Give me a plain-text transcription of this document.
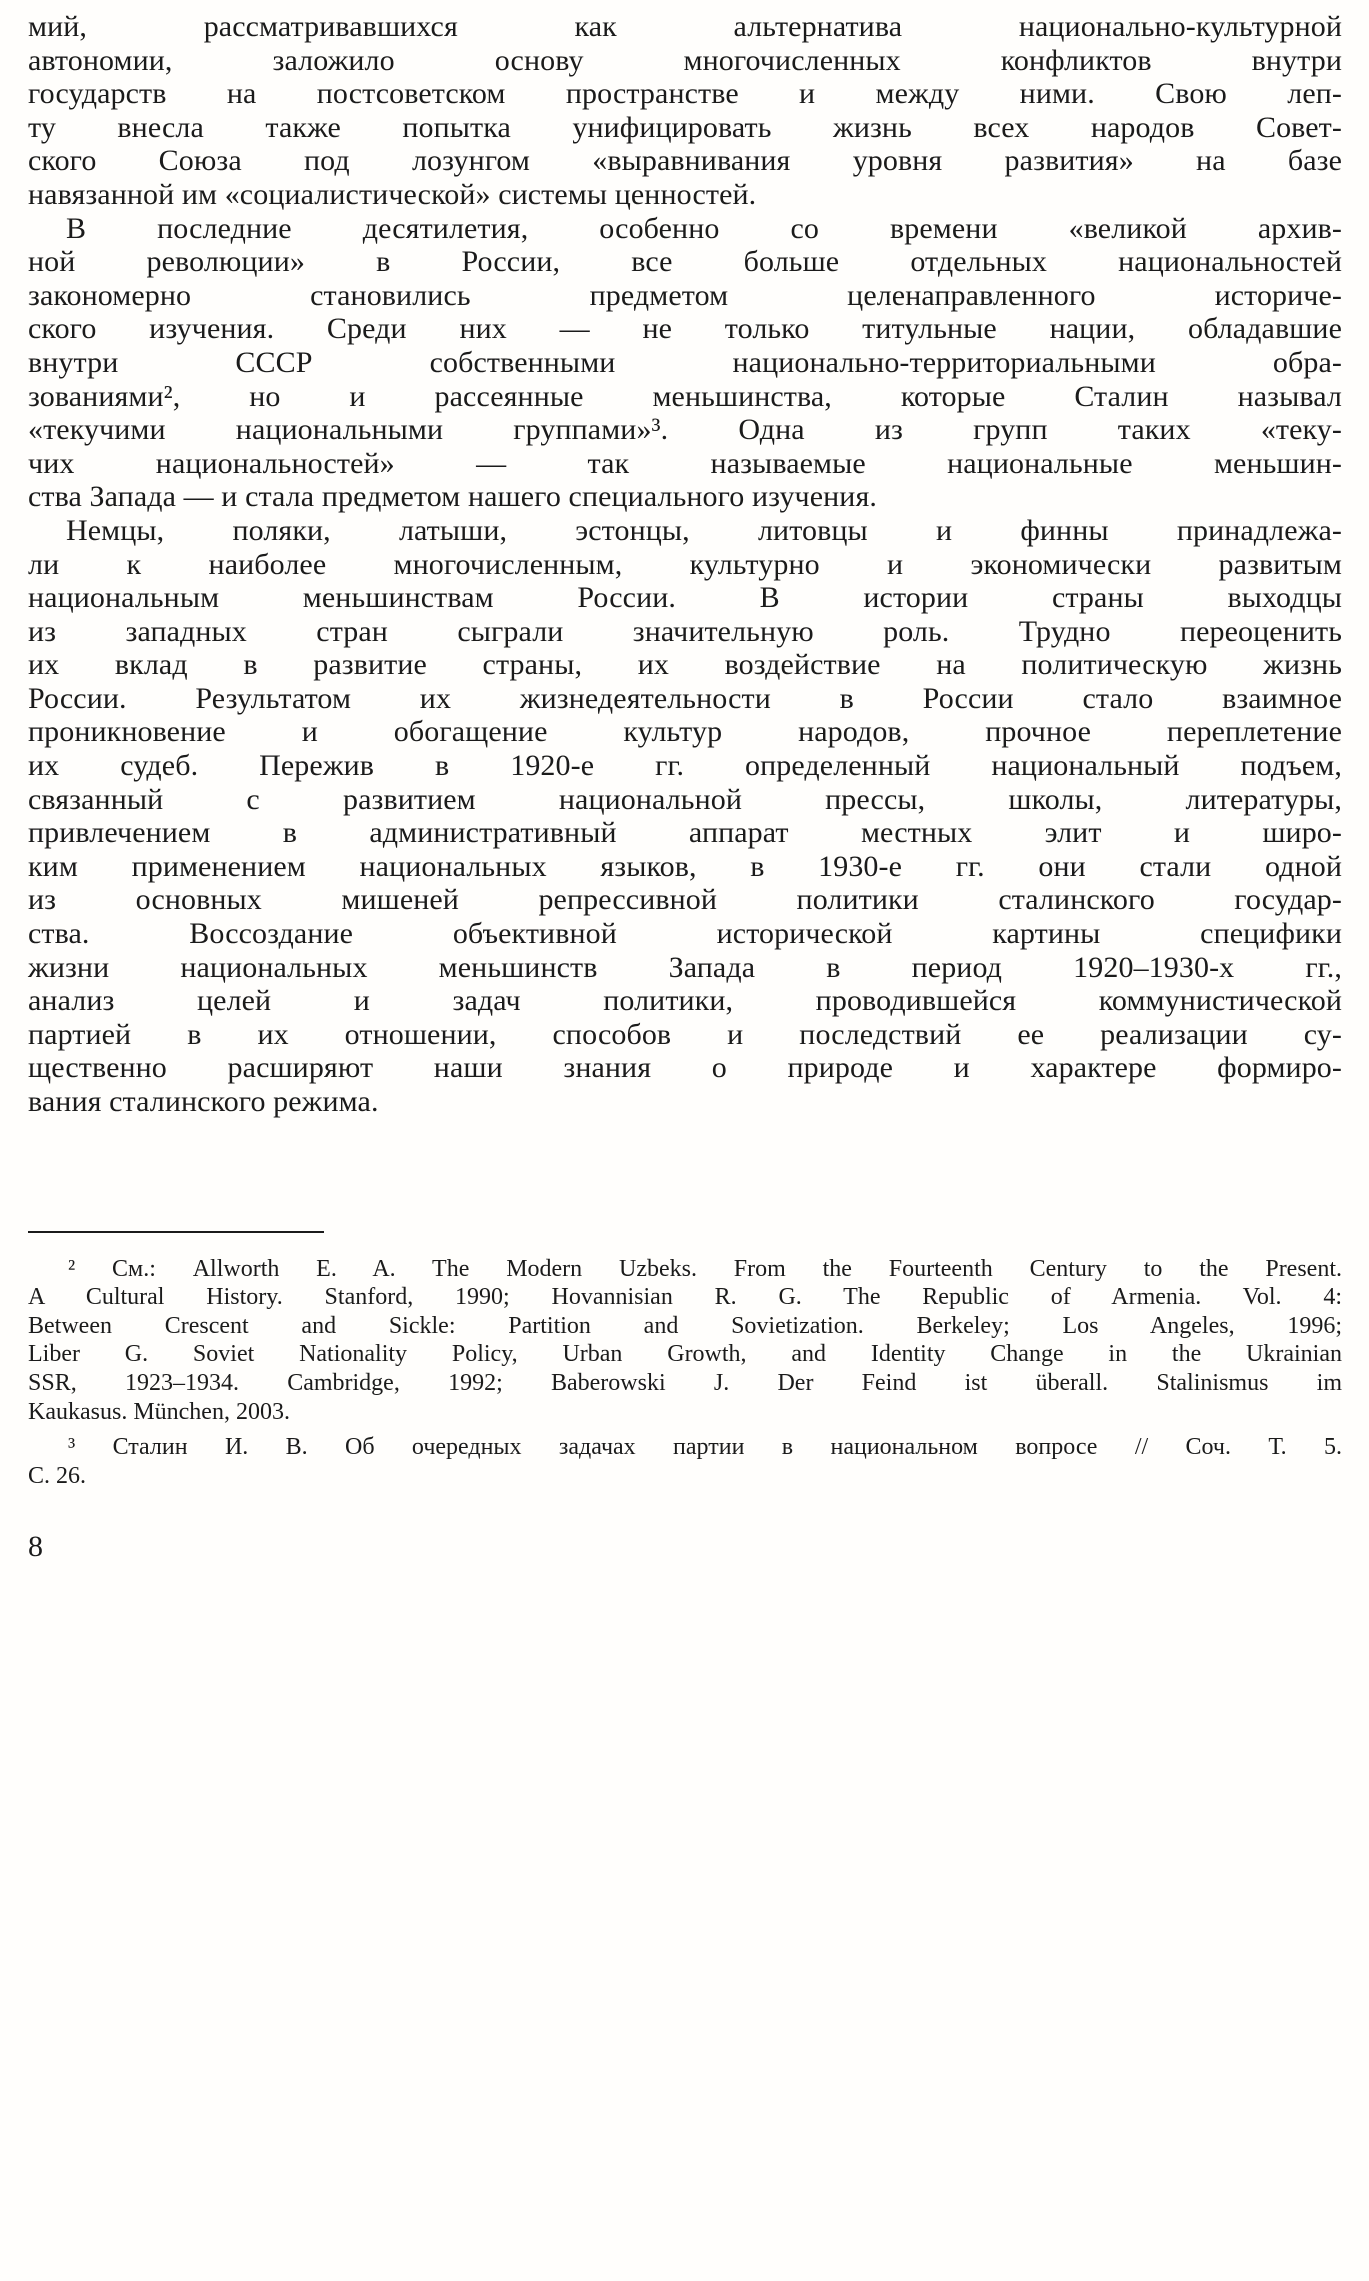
мий, рассматривавшихся как альтернатива национально-культурной
автономии, заложило основу многочисленных конфликтов внутри
государств на постсоветском пространстве и между ними. Свою леп-
ту внесла также попытка унифицировать жизнь всех народов Совет-
ского Союза под лозунгом «выравнивания уровня развития» на базе
навязанной им «социалистической» системы ценностей.
В последние десятилетия, особенно со времени «великой архив-
ной революции» в России, все больше отдельных национальностей
закономерно становились предметом целенаправленного историче-
ского изучения. Среди них — не только титульные нации, обладавшие
внутри СССР собственными национально-территориальными обра-
зованиями², но и рассеянные меньшинства, которые Сталин называл
«текучими национальными группами»³. Одна из групп таких «теку-
чих национальностей» — так называемые национальные меньшин-
ства Запада — и стала предметом нашего специального изучения.
Немцы, поляки, латыши, эстонцы, литовцы и финны принадлежа-
ли к наиболее многочисленным, культурно и экономически развитым
национальным меньшинствам России. В истории страны выходцы
из западных стран сыграли значительную роль. Трудно переоценить
их вклад в развитие страны, их воздействие на политическую жизнь
России. Результатом их жизнедеятельности в России стало взаимное
проникновение и обогащение культур народов, прочное переплетение
их судеб. Пережив в 1920-е гг. определенный национальный подъем,
связанный с развитием национальной прессы, школы, литературы,
привлечением в административный аппарат местных элит и широ-
ким применением национальных языков, в 1930-е гг. они стали одной
из основных мишеней репрессивной политики сталинского государ-
ства. Воссоздание объективной исторической картины специфики
жизни национальных меньшинств Запада в период 1920–1930-х гг.,
анализ целей и задач политики, проводившейся коммунистической
партией в их отношении, способов и последствий ее реализации су-
щественно расширяют наши знания о природе и характере формиро-
вания сталинского режима.
² См.: Allworth E. A. The Modern Uzbeks. From the Fourteenth Century to the Present.
A Cultural History. Stanford, 1990; Hovannisian R. G. The Republic of Armenia. Vol. 4:
Between Crescent and Sickle: Partition and Sovietization. Berkeley; Los Angeles, 1996;
Liber G. Soviet Nationality Policy, Urban Growth, and Identity Change in the Ukrainian
SSR, 1923–1934. Cambridge, 1992; Baberowski J. Der Feind ist überall. Stalinismus im
Kaukasus. München, 2003.
³ Сталин И. В. Об очередных задачах партии в национальном вопросе // Соч. Т. 5.
С. 26.
8
